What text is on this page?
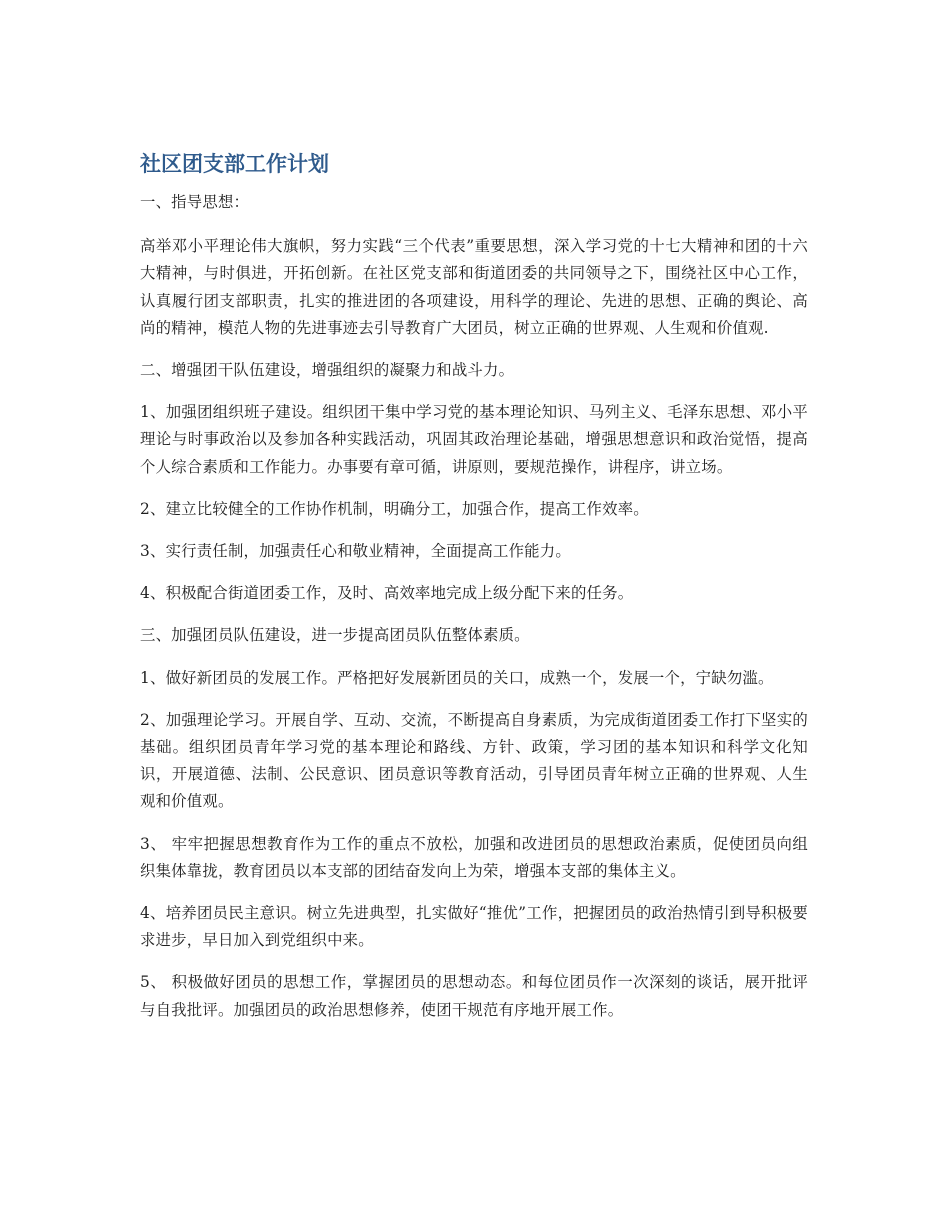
社区团支部工作计划

一、指导思想：

高举邓小平理论伟大旗帜，努力实践“三个代表”重要思想，深入学习党的十七大精神和团的十六大精神，与时俱进，开拓创新。在社区党支部和街道团委的共同领导之下，围绕社区中心工作，认真履行团支部职责，扎实的推进团的各项建设，用科学的理论、先进的思想、正确的舆论、高尚的精神，模范人物的先进事迹去引导教育广大团员，树立正确的世界观、人生观和价值观.

二、增强团干队伍建设，增强组织的凝聚力和战斗力。

1、加强团组织班子建设。组织团干集中学习党的基本理论知识、马列主义、毛泽东思想、邓小平理论与时事政治以及参加各种实践活动，巩固其政治理论基础，增强思想意识和政治觉悟，提高个人综合素质和工作能力。办事要有章可循，讲原则，要规范操作，讲程序，讲立场。

2、建立比较健全的工作协作机制，明确分工，加强合作，提高工作效率。

3、实行责任制，加强责任心和敬业精神，全面提高工作能力。

4、积极配合街道团委工作，及时、高效率地完成上级分配下来的任务。

三、加强团员队伍建设，进一步提高团员队伍整体素质。

1、做好新团员的发展工作。严格把好发展新团员的关口，成熟一个，发展一个，宁缺勿滥。

2、加强理论学习。开展自学、互动、交流，不断提高自身素质，为完成街道团委工作打下坚实的基础。组织团员青年学习党的基本理论和路线、方针、政策，学习团的基本知识和科学文化知识，开展道德、法制、公民意识、团员意识等教育活动，引导团员青年树立正确的世界观、人生观和价值观。

3、 牢牢把握思想教育作为工作的重点不放松，加强和改进团员的思想政治素质，促使团员向组织集体靠拢，教育团员以本支部的团结奋发向上为荣，增强本支部的集体主义。

4、培养团员民主意识。树立先进典型，扎实做好“推优”工作，把握团员的政治热情引到导积极要求进步，早日加入到党组织中来。

5、 积极做好团员的思想工作，掌握团员的思想动态。和每位团员作一次深刻的谈话，展开批评与自我批评。加强团员的政治思想修养，使团干规范有序地开展工作。
